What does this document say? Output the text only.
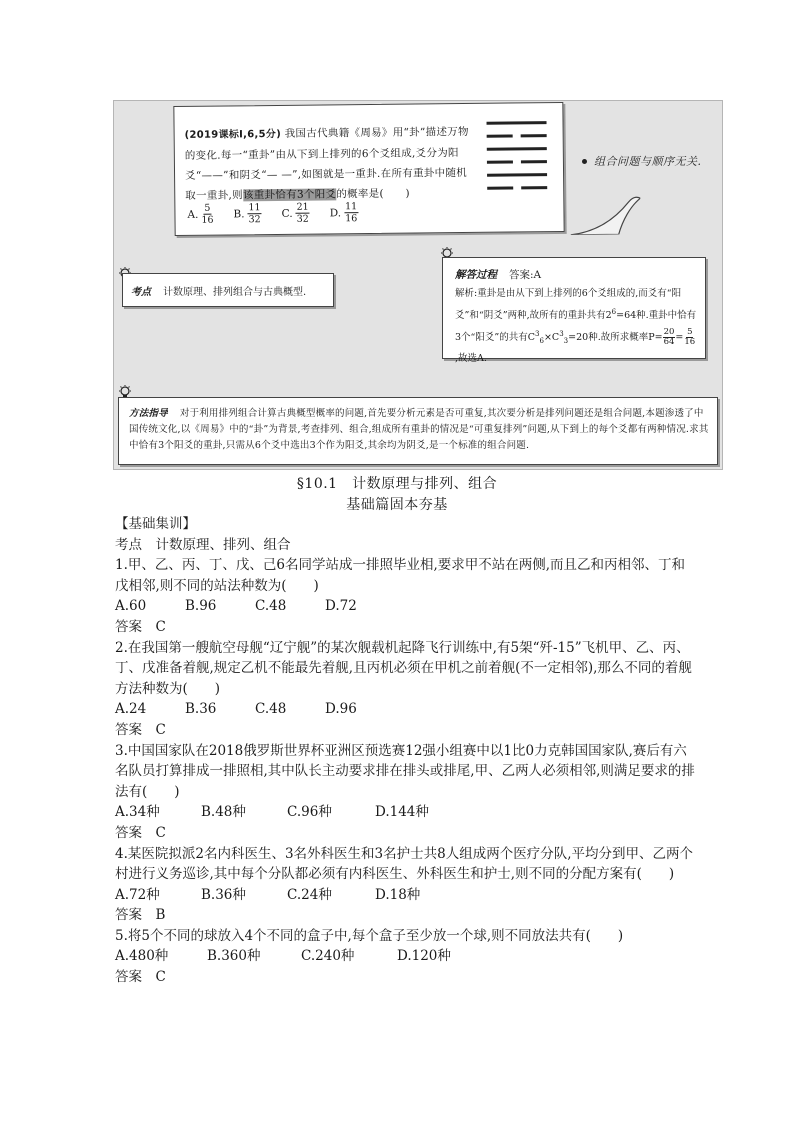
(2019课标Ⅰ,6,5分) 我国古代典籍《周易》用“卦”描述万物的变化.每一“重卦”由从下到上排列的6个爻组成,爻分为阳爻“——”和阴爻“— —”,如图就是一重卦.在所有重卦中随机取一重卦,则该重卦恰有3个阳爻的概率是(　　)
A. $\frac{5}{16} B$. $\frac{11}{32} C$. $\frac{21}{32} D$. $\frac{11}{16}$
组合问题与顺序无关.
考点 计数原理、排列组合与古典概型.
解答过程 答案:A
解析:重卦是由从下到上排列的6个爻组成的,而爻有“阳爻”和“阴爻”两种,故所有的重卦共有$2^6=64$种.重卦中恰有3个“阳爻”的共有$C^3_6\times C^3_3=20$种.故所求概率$P= \frac{20}{64} = \frac{5}{16}$
,故选A.
方法指导 对于利用排列组合计算古典概型概率的问题,首先要分析元素是否可重复,其次要分析是排列问题还是组合问题,本题渗透了中国传统文化,以《周易》中的“卦”为背景,考查排列、组合,组成所有重卦的情况是“可重复排列”问题,从下到上的每个爻都有两种情况.求其中恰有3个阳爻的重卦,只需从6个爻中选出3个作为阳爻,其余均为阴爻,是一个标准的组合问题.
§10.1　计数原理与排列、组合
基础篇固本夯基

【基础集训】

考点　计数原理、排列、组合

1.甲、乙、丙、丁、戊、己6名同学站成一排照毕业相,要求甲不站在两侧,而且乙和丙相邻、丁和戊相邻,则不同的站法种数为(　　)

A.60	B.96	C.48	D.72

答案　C

2.在我国第一艘航空母舰“辽宁舰”的某次舰载机起降飞行训练中,有5架“歼-15”飞机甲、乙、丙、丁、戊准备着舰,规定乙机不能最先着舰,且丙机必须在甲机之前着舰(不一定相邻),那么不同的着舰方法种数为(　　)

A.24	B.36	C.48	D.96

答案　C

3.中国国家队在2018俄罗斯世界杯亚洲区预选赛12强小组赛中以1比0力克韩国国家队,赛后有六名队员打算排成一排照相,其中队长主动要求排在排头或排尾,甲、乙两人必须相邻,则满足要求的排法有(　　)

A.34种	B.48种	C.96种	D.144种

答案　C

4.某医院拟派2名内科医生、3名外科医生和3名护士共8人组成两个医疗分队,平均分到甲、乙两个村进行义务巡诊,其中每个分队都必须有内科医生、外科医生和护士,则不同的分配方案有(　　)

A.72种	B.36种	C.24种	D.18种

答案　B

5.将5个不同的球放入4个不同的盒子中,每个盒子至少放一个球,则不同放法共有(　　)

A.480种	B.360种	C.240种	D.120种

答案　C
